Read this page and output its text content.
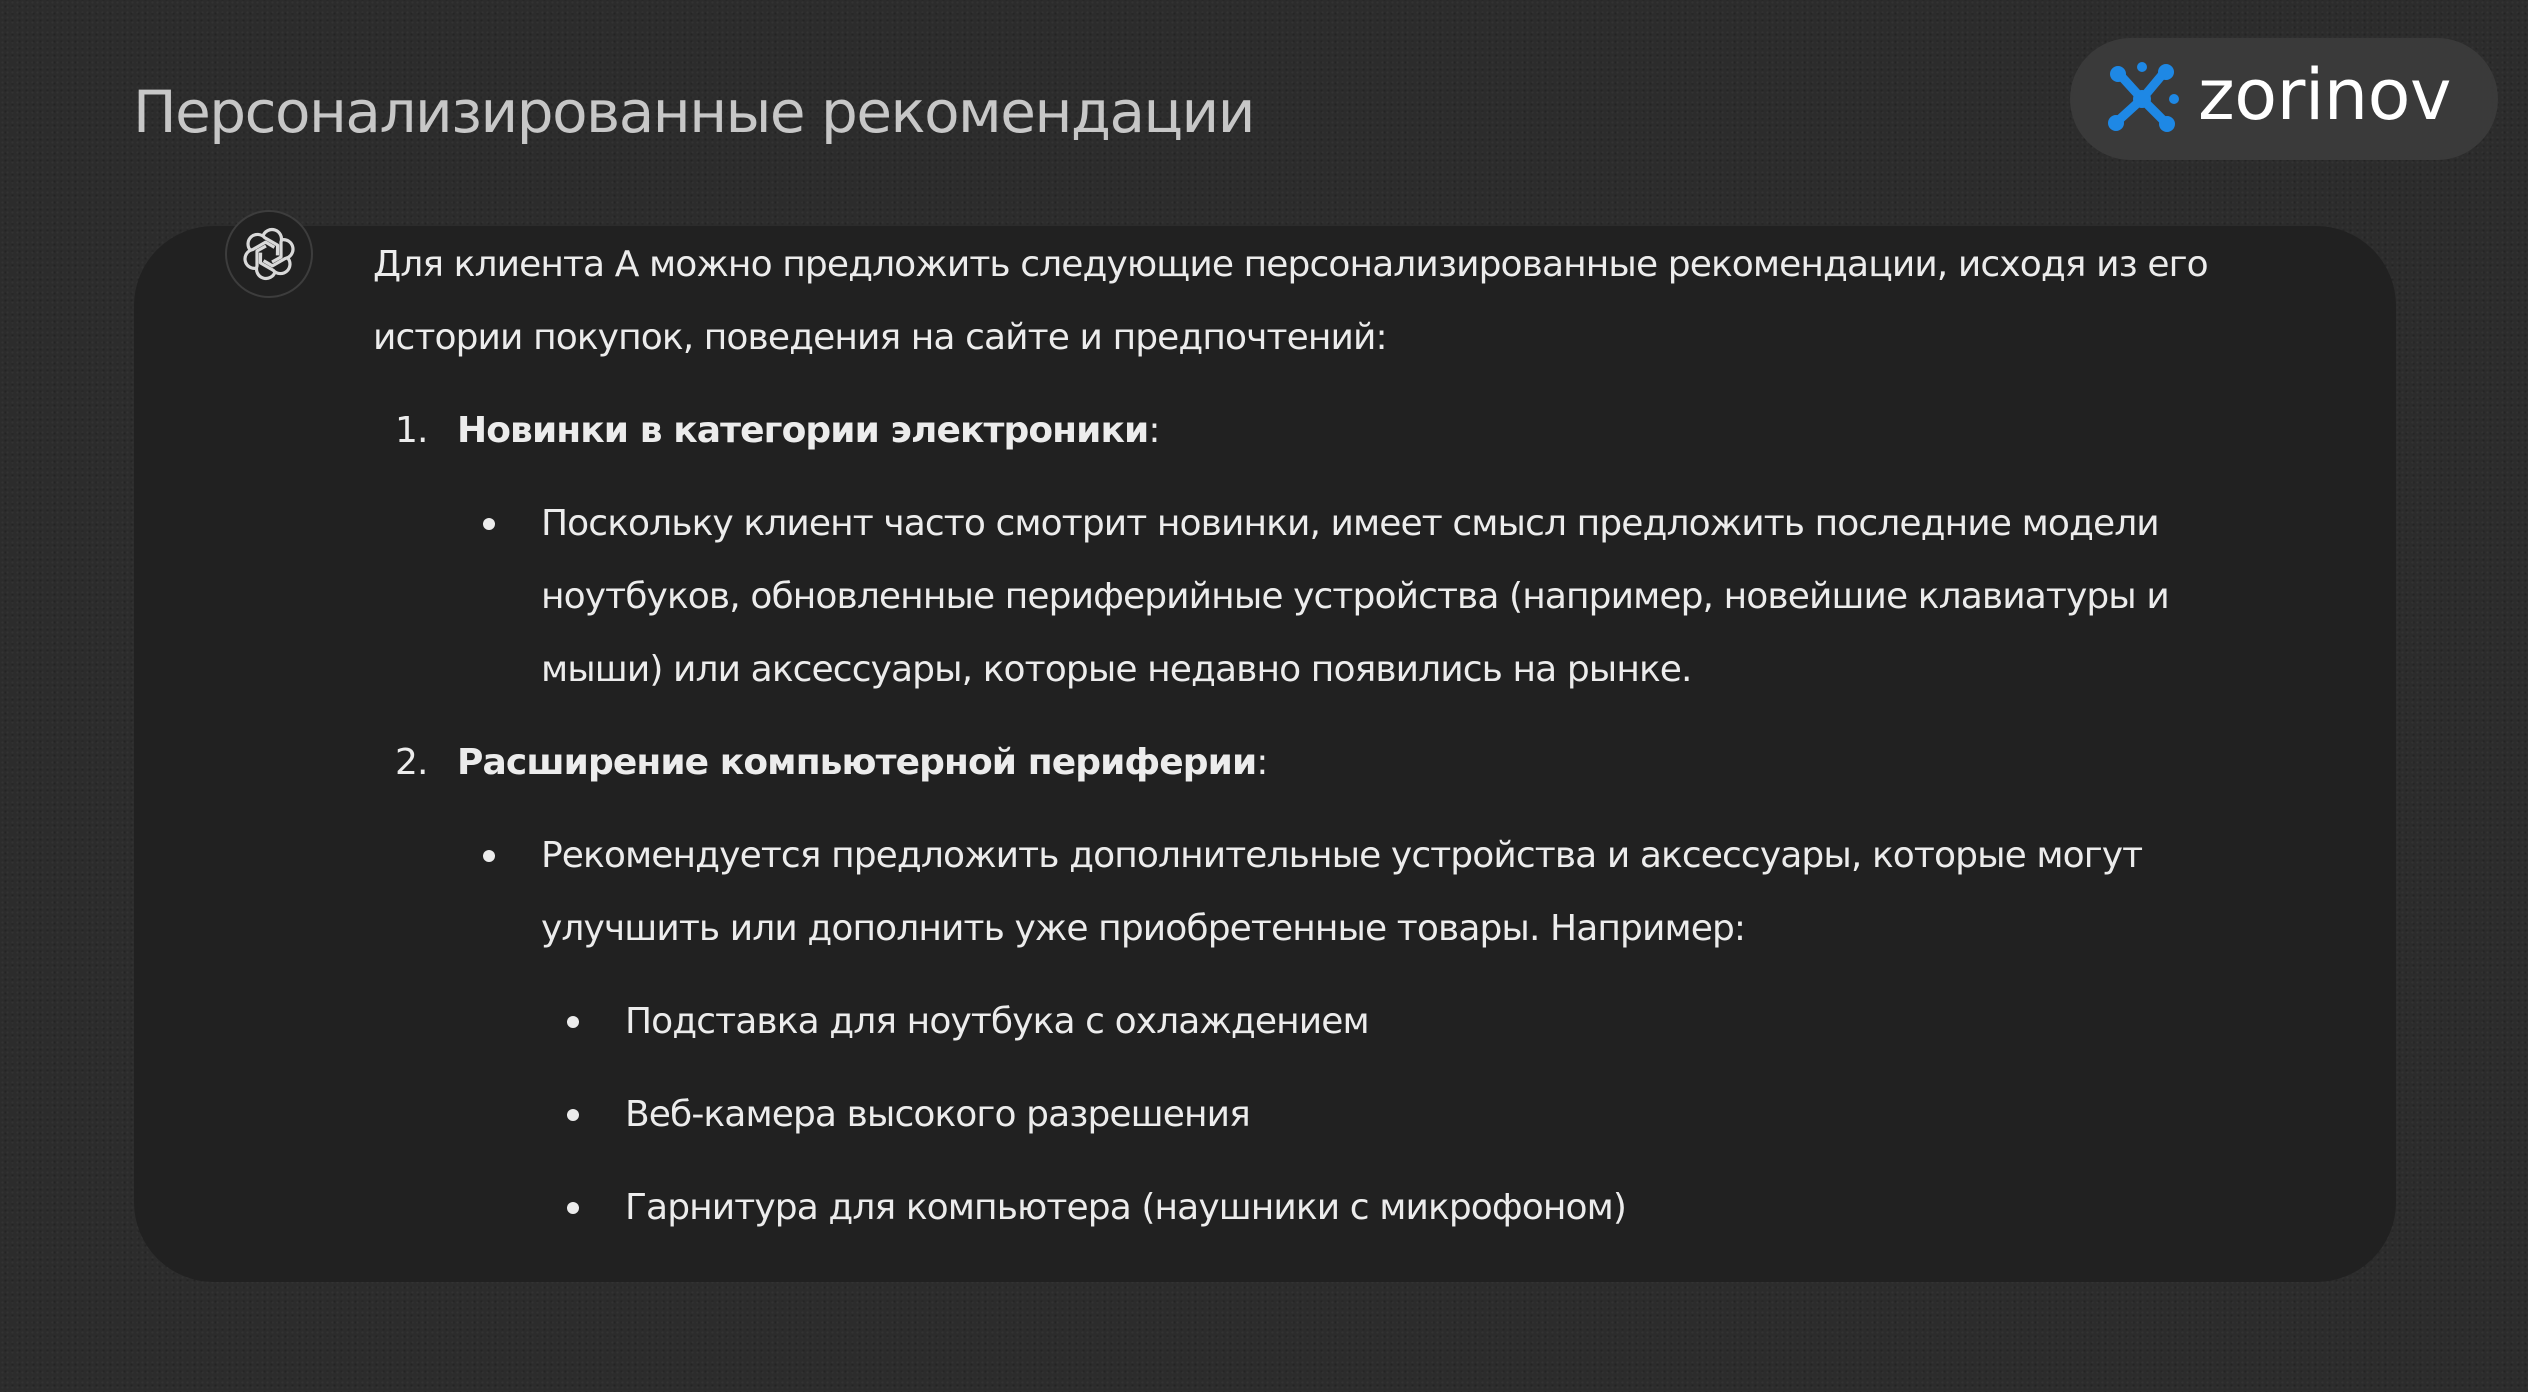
Персонализированные рекомендации	zorinov

Для клиента А можно предложить следующие персонализированные рекомендации, исходя из его истории покупок, поведения на сайте и предпочтений:

1. Новинки в категории электроники:
Поскольку клиент часто смотрит новинки, имеет смысл предложить последние модели ноутбуков, обновленные периферийные устройства (например, новейшие клавиатуры и мыши) или аксессуары, которые недавно появились на рынке.
2. Расширение компьютерной периферии:
Рекомендуется предложить дополнительные устройства и аксессуары, которые могут улучшить или дополнить уже приобретенные товары. Например:
Подставка для ноутбука с охлаждением
Веб-камера высокого разрешения
Гарнитура для компьютера (наушники с микрофоном)
